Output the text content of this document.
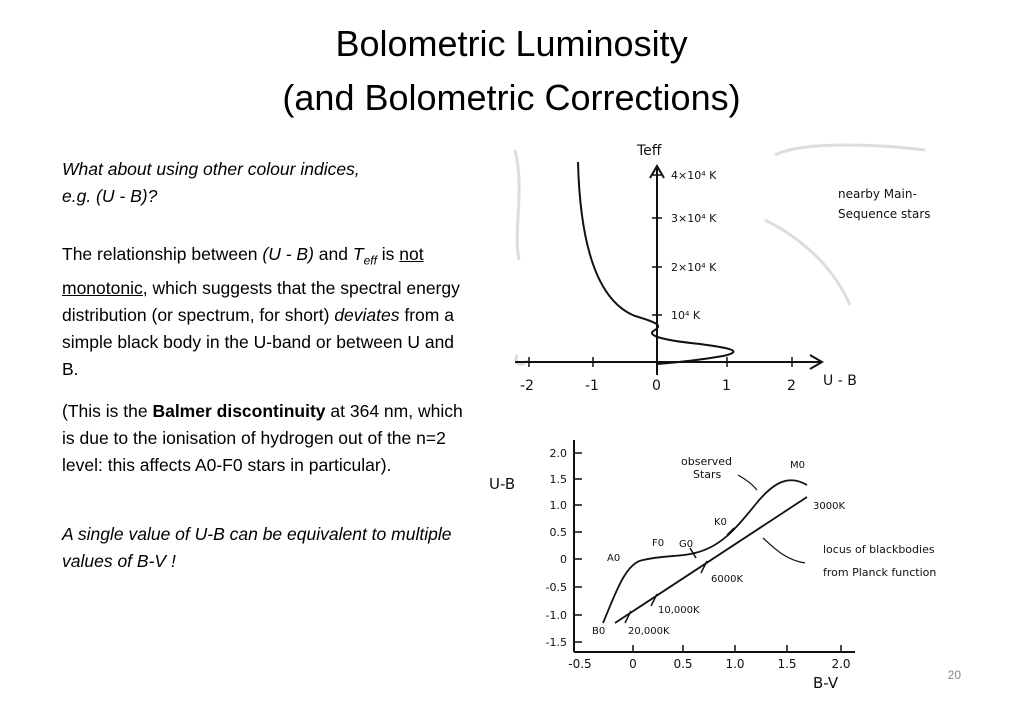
Bolometric Luminosity
(and Bolometric Corrections)
What about using other colour indices, e.g. (U - B)?
The relationship between (U - B) and $T_{eff}$ is not monotonic, which suggests that the spectral energy distribution (or spectrum, for short) deviates from a simple black body in the U-band or between U and B.
(This is the Balmer discontinuity at 364 nm, which is due to the ionisation of hydrogen out of the n=2 level: this affects A0-F0 stars in particular).
A single value of U-B can be equivalent to multiple values of B-V !
-2	-1	0	1	2 U - B
Teff
10⁴ K
2×10⁴ K
3×10⁴ K
4×10⁴ K
nearby Main-
Sequence stars
2.0
1.5
1.0
0.5
0
-0.5
-1.0
-1.5
-0.5	0	0.5	1.0	1.5	2.0
U-B
B-V
B0
A0
F0 G0
K0
M0
20,000K
10,000K
6000K
3000K
observed
Stars
locus of blackbodies
from Planck function
20
